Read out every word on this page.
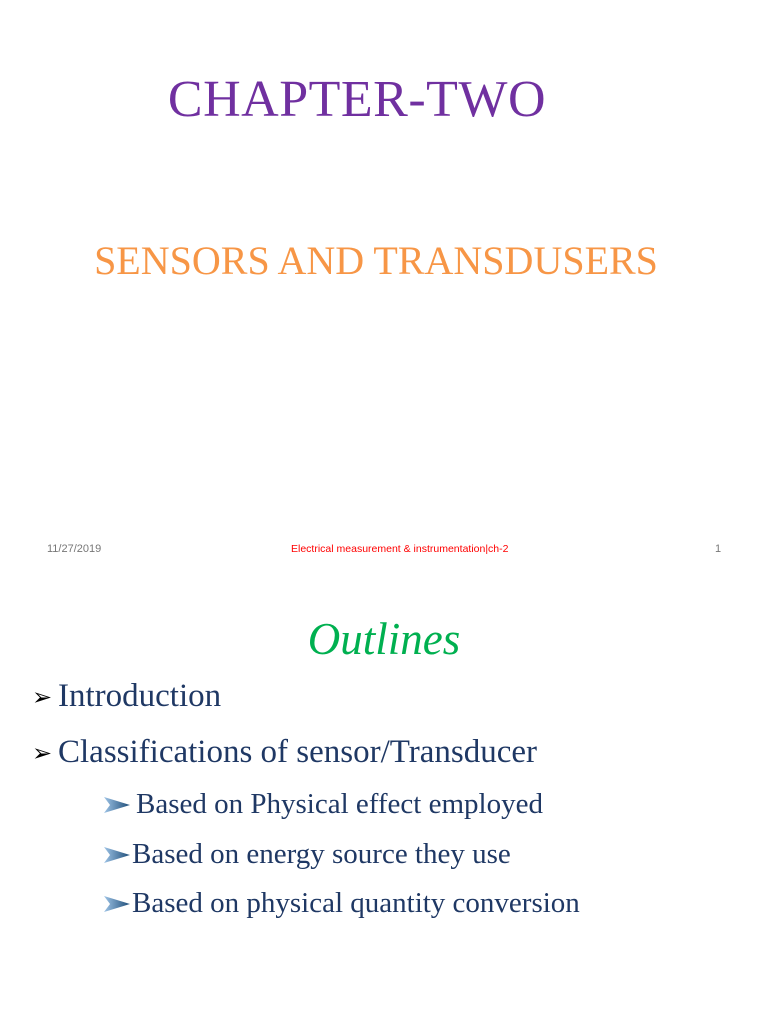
CHAPTER-TWO
SENSORS AND TRANSDUSERS
11/27/2019	Electrical measurement & instrumentation|ch-2	1
Outlines
➢ Introduction
➢ Classifications of sensor/Transducer
Based on Physical effect employed
Based on energy source they use
Based on physical quantity conversion
